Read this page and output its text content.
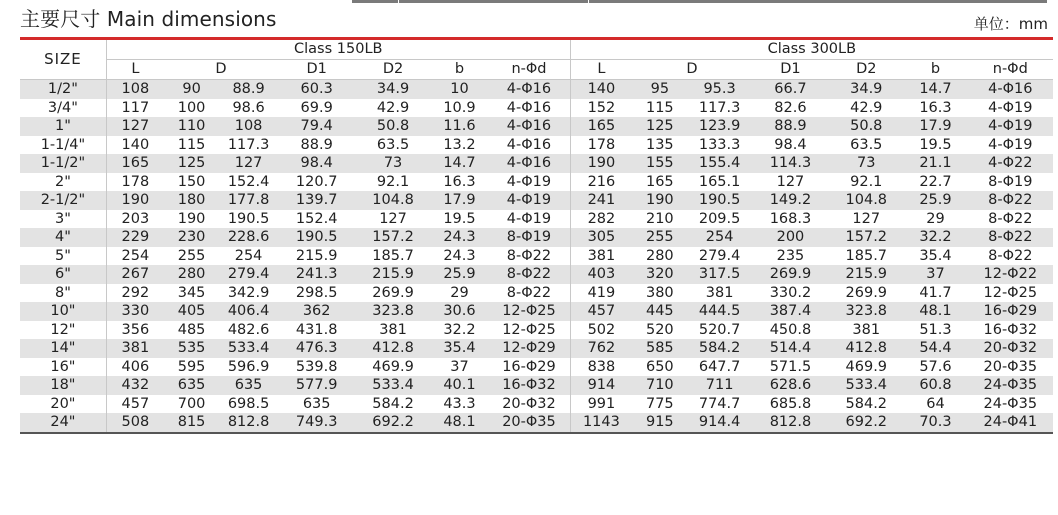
主要尺寸 Main dimensions	单位：mm
SIZE	Class 150LB							Class 300LB						
	L	D		D1	D2	b	n-Φd	L	D		D1	D2	b	n-Φd
1/2"	108	90	88.9	60.3	34.9	10	4-Φ16	140	95	95.3	66.7	34.9	14.7	4-Φ16
3/4"	117	100	98.6	69.9	42.9	10.9	4-Φ16	152	115	117.3	82.6	42.9	16.3	4-Φ19
1"	127	110	108	79.4	50.8	11.6	4-Φ16	165	125	123.9	88.9	50.8	17.9	4-Φ19
1-1/4"	140	115	117.3	88.9	63.5	13.2	4-Φ16	178	135	133.3	98.4	63.5	19.5	4-Φ19
1-1/2"	165	125	127	98.4	73	14.7	4-Φ16	190	155	155.4	114.3	73	21.1	4-Φ22
2"	178	150	152.4	120.7	92.1	16.3	4-Φ19	216	165	165.1	127	92.1	22.7	8-Φ19
2-1/2"	190	180	177.8	139.7	104.8	17.9	4-Φ19	241	190	190.5	149.2	104.8	25.9	8-Φ22
3"	203	190	190.5	152.4	127	19.5	4-Φ19	282	210	209.5	168.3	127	29	8-Φ22
4"	229	230	228.6	190.5	157.2	24.3	8-Φ19	305	255	254	200	157.2	32.2	8-Φ22
5"	254	255	254	215.9	185.7	24.3	8-Φ22	381	280	279.4	235	185.7	35.4	8-Φ22
6"	267	280	279.4	241.3	215.9	25.9	8-Φ22	403	320	317.5	269.9	215.9	37	12-Φ22
8"	292	345	342.9	298.5	269.9	29	8-Φ22	419	380	381	330.2	269.9	41.7	12-Φ25
10"	330	405	406.4	362	323.8	30.6	12-Φ25	457	445	444.5	387.4	323.8	48.1	16-Φ29
12"	356	485	482.6	431.8	381	32.2	12-Φ25	502	520	520.7	450.8	381	51.3	16-Φ32
14"	381	535	533.4	476.3	412.8	35.4	12-Φ29	762	585	584.2	514.4	412.8	54.4	20-Φ32
16"	406	595	596.9	539.8	469.9	37	16-Φ29	838	650	647.7	571.5	469.9	57.6	20-Φ35
18"	432	635	635	577.9	533.4	40.1	16-Φ32	914	710	711	628.6	533.4	60.8	24-Φ35
20"	457	700	698.5	635	584.2	43.3	20-Φ32	991	775	774.7	685.8	584.2	64	24-Φ35
24"	508	815	812.8	749.3	692.2	48.1	20-Φ35	1143	915	914.4	812.8	692.2	70.3	24-Φ41
